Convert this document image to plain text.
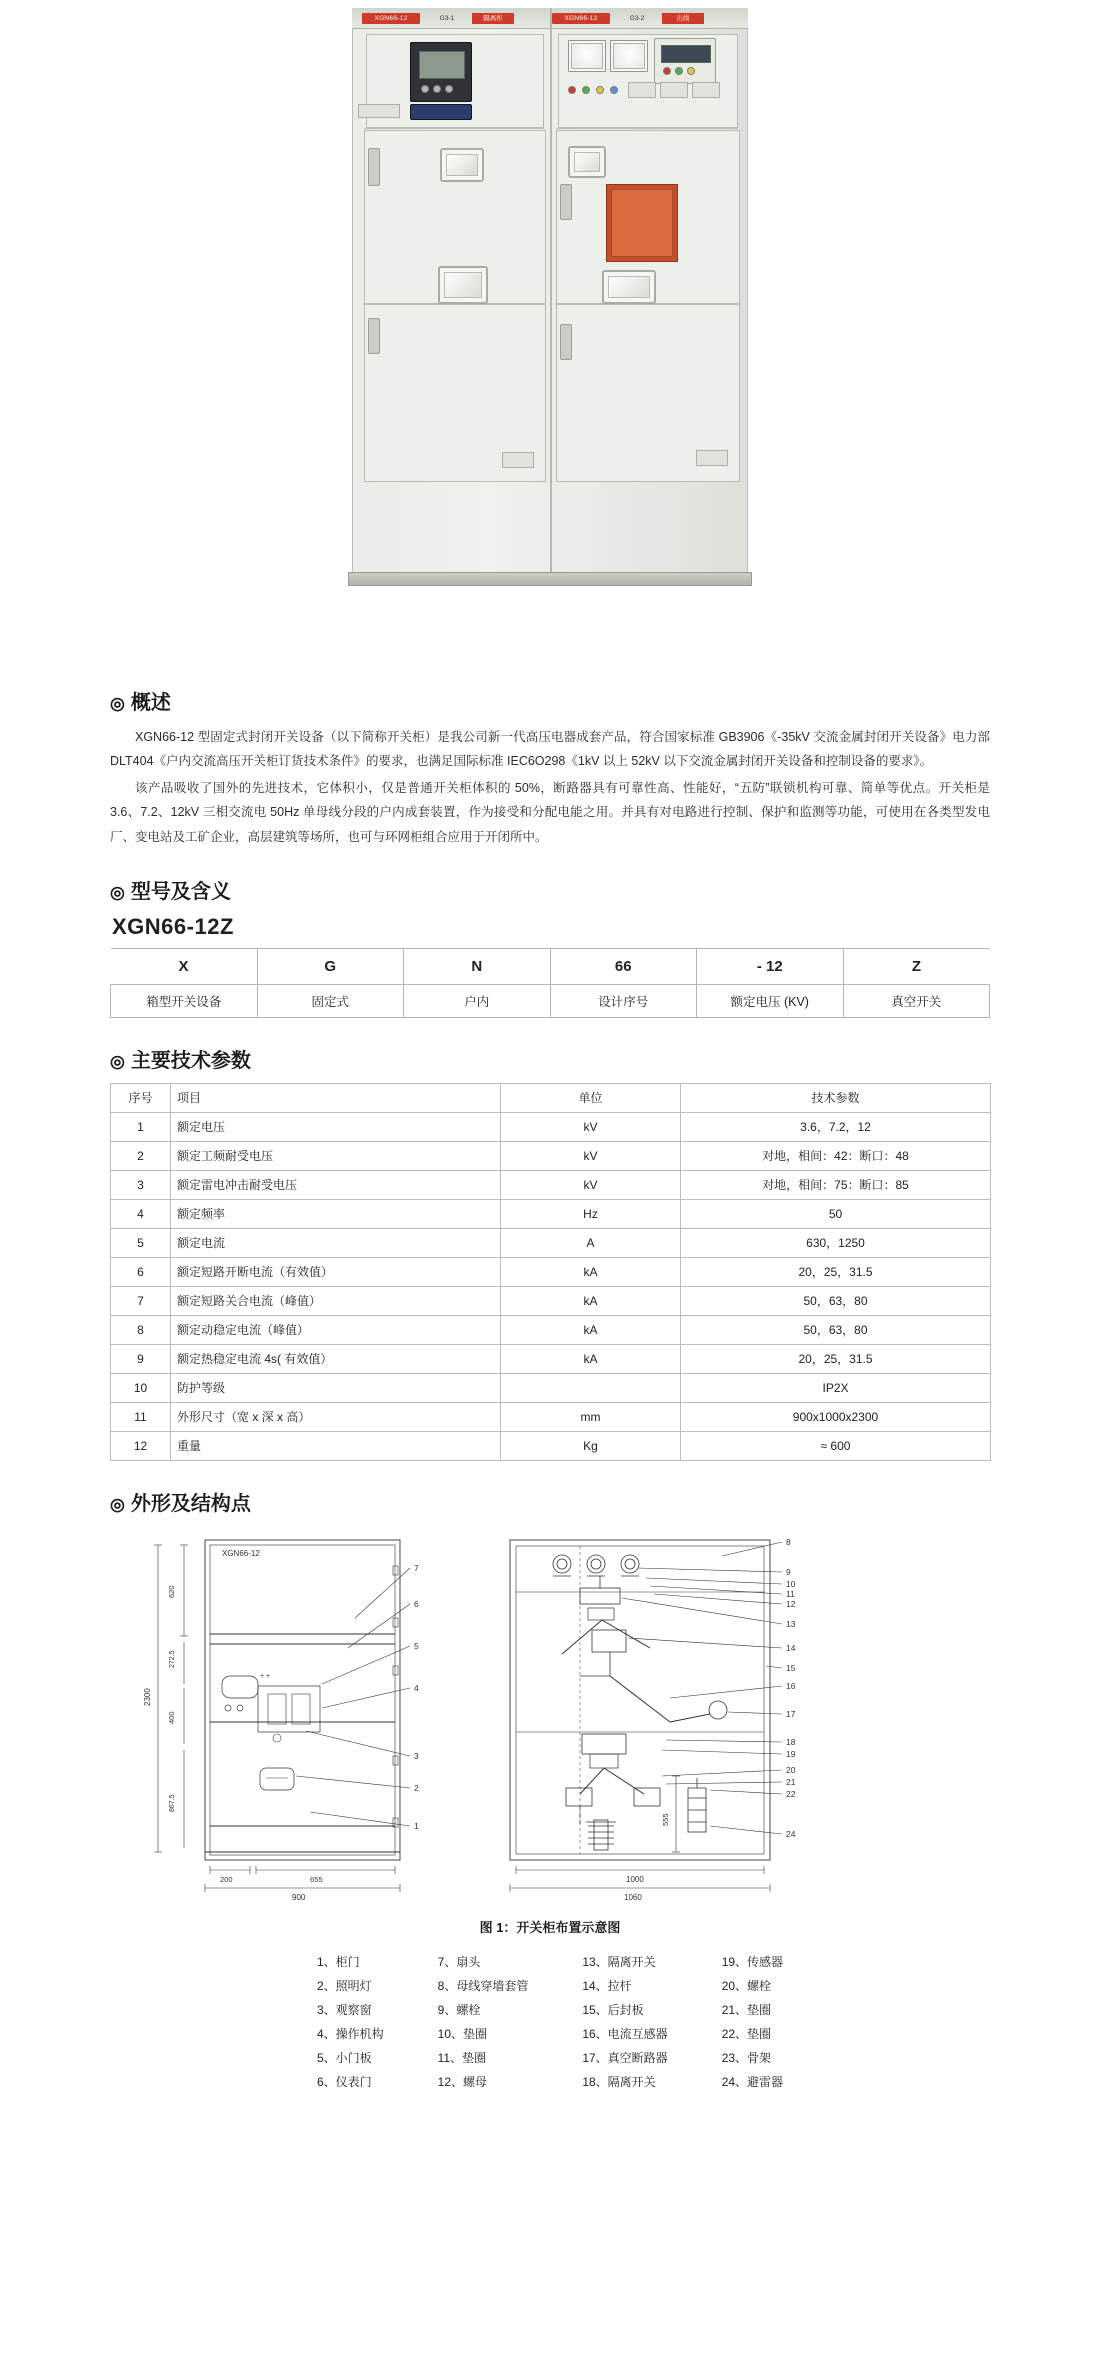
XGN66-12	G3-1	隔离柜	XGN66-12	G3-2	出线
◎ 概述

XGN66-12 型固定式封闭开关设备（以下简称开关柜）是我公司新一代高压电器成套产品，符合国家标准 GB3906《-35kV 交流金属封闭开关设备》电力部 DLT404《户内交流高压开关柜订货技术条件》的要求，也满足国际标准 IEC6O298《1kV 以上 52kV 以下交流金属封闭开关设备和控制设备的要求》。

该产品吸收了国外的先进技术，它体积小，仅是普通开关柜体积的 50%，断路器具有可靠性高、性能好，“五防”联锁机构可靠、简单等优点。开关柜是 3.6、7.2、12kV 三相交流电 50Hz 单母线分段的户内成套装置，作为接受和分配电能之用。并具有对电路进行控制、保护和监测等功能，可使用在各类型发电厂、变电站及工矿企业，高层建筑等场所，也可与环网柜组合应用于开闭所中。

◎ 型号及含义
XGN66-12Z
X	G	N	66	- 12	Z
箱型开关设备	固定式	户内	设计序号	额定电压 (KV)	真空开关
◎ 主要技术参数
序号	项目	单位	技术参数
1	额定电压	kV	3.6，7.2，12
2	额定工频耐受电压	kV	对地，相间：42：断口：48
3	额定雷电冲击耐受电压	kV	对地，相间：75：断口：85
4	额定频率	Hz	50
5	额定电流	A	630，1250
6	额定短路开断电流（有效值）	kA	20，25，31.5
7	额定短路关合电流（峰值）	kA	50，63，80
8	额定动稳定电流（峰值）	kA	50，63，80
9	额定热稳定电流 4s( 有效值）	kA	20，25，31.5
10	防护等级		IP2X
11	外形尺寸（宽 x 深 x 高）	mm	900x1000x2300
12	重量	Kg	≈ 600
◎ 外形及结构点
XGN66-12
+ +
620
272.5
400
2300
867.5
200	655
900
7
6
5
4
3
2
1	555
1000
1060
8
9
10
11
12
13
14
15
16
17
18
19
20
21
22
24
图 1：开关柜布置示意图
1、柜门
2、照明灯
3、观察窗
4、操作机构
5、小门板
6、仪表门
7、扇头
8、母线穿墙套管
9、螺栓
10、垫圈
11、垫圈
12、螺母
13、隔离开关
14、拉杆
15、后封板
16、电流互感器
17、真空断路器
18、隔离开关
19、传感器
20、螺栓
21、垫圈
22、垫圈
23、骨架
24、避雷器
